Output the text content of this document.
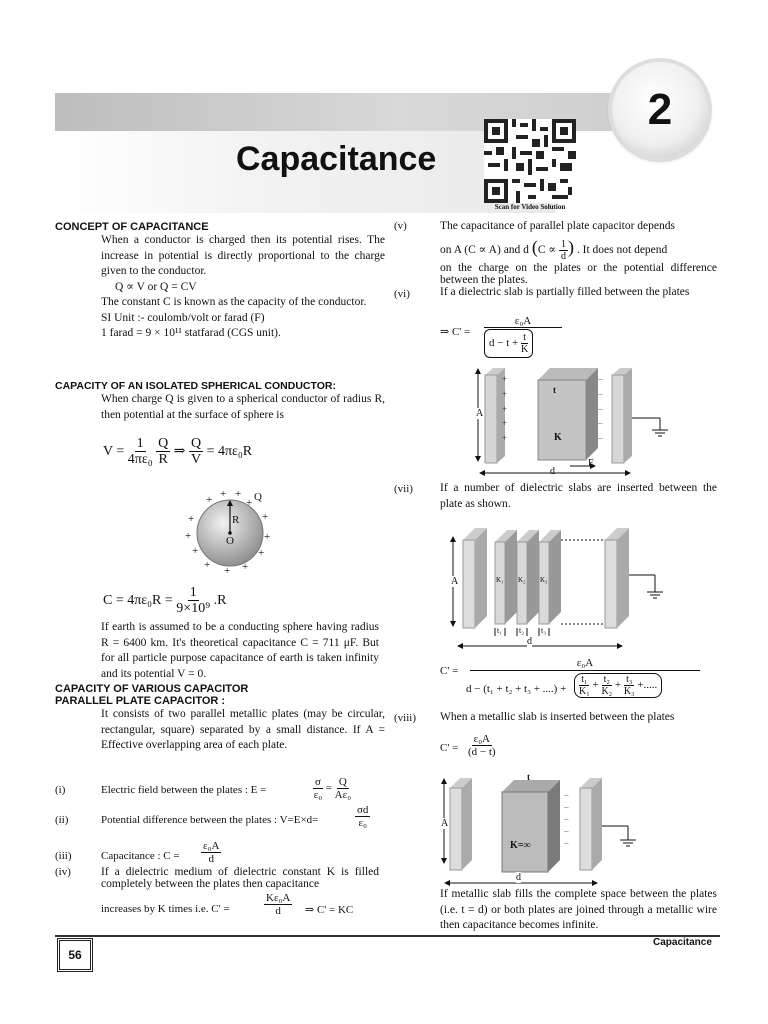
2
Capacitance
Scan for Video Solution
CONCEPT OF CAPACITANCE
When a conductor is charged then its potential rises. The increase in potential is directly proportional to the charge given to the conductor.
Q ∝ V or Q = CV
The constant C is known as the capacity of the conductor.
SI Unit :- coulomb/volt or farad (F)
1 farad = 9 × 10¹¹ statfarad (CGS unit).
CAPACITY OF AN ISOLATED SPHERICAL CONDUCTOR:
When charge Q is given to a spherical conductor of radius R, then potential at the surface of sphere is
$V = \frac{1}{\text{4πε₀}}$
$\frac{Q}{R}$ ⇒ $\frac{Q}{V} = 4\pi\varepsilon_0R$
+ + +
+
+
+
+
+
+	+
+ + +
R
O
Q
$C = 4\pi\varepsilon_0R = \frac{1}{\text{9×10⁹}} .R$
If earth is assumed to be a conducting sphere having radius R = 6400 km. It's theoretical capacitance C = 711 μF. But for all particle purpose capacitance of earth is taken infinity and its potential V = 0.
CAPACITY OF VARIOUS CAPACITOR
PARALLEL PLATE CAPACITOR :
It consists of two parallel metallic plates (may be circular, rectangular, square) separated by a small distance. If A = Effective overlapping area of each plate.
(i)	Electric field between the plates : E =	$\frac{\sigma}{\text{ε₀}} = \frac{Q}{\text{Aε₀}}$
(ii)	Potential difference between the plates : V=E×d=	$\frac{\sigma d}{\text{ε₀}}$
(iii)	Capacitance : $C = \frac{\text{ε₀A}}{d}$
(iv)	If a dielectric medium of dielectric constant K is filled completely between the plates then capacitance
increases by K times i.e. C' =	$\frac{\text{Kε₀A}}{d}$ ⇒ C' = KC
(v)	The capacitance of parallel plate capacitor depends
on A (C ∝ A) and d ($C \propto \frac{1}{d}$ ) . It does not depend
on the charge on the plates or the potential difference between the plates.
(vi)	If a dielectric slab is partially filled between the plates
⇒ C' =
ε₀A
$d - t + \frac{t}{K}$
+
+
+
+
+
–
–
–
–
–
t
A
K
d
E
(vii) If a number of dielectric slabs are inserted between the plate as shown.
A	K₁ K₂ K₃
t₁ t₂ t₃
d
C' =
ε₀A
d − (t₁ + t₂ + t₃ + ....) + $\frac{\text{t₁}}{\text{K₁}} + \frac{\text{t₂}}{\text{K₂}} + \frac{\text{t₃}}{\text{K₃}}$ +.....
(viii) When a metallic slab is inserted between the plates
$C' = \frac{\text{ε₀A}}{(d - t)}$
–
–
–
–
–
t
A
K=∞
d
If metallic slab fills the complete space between the plates (i.e. t = d) or both plates are joined through a metallic wire then capacitance becomes infinite.
56
Capacitance
